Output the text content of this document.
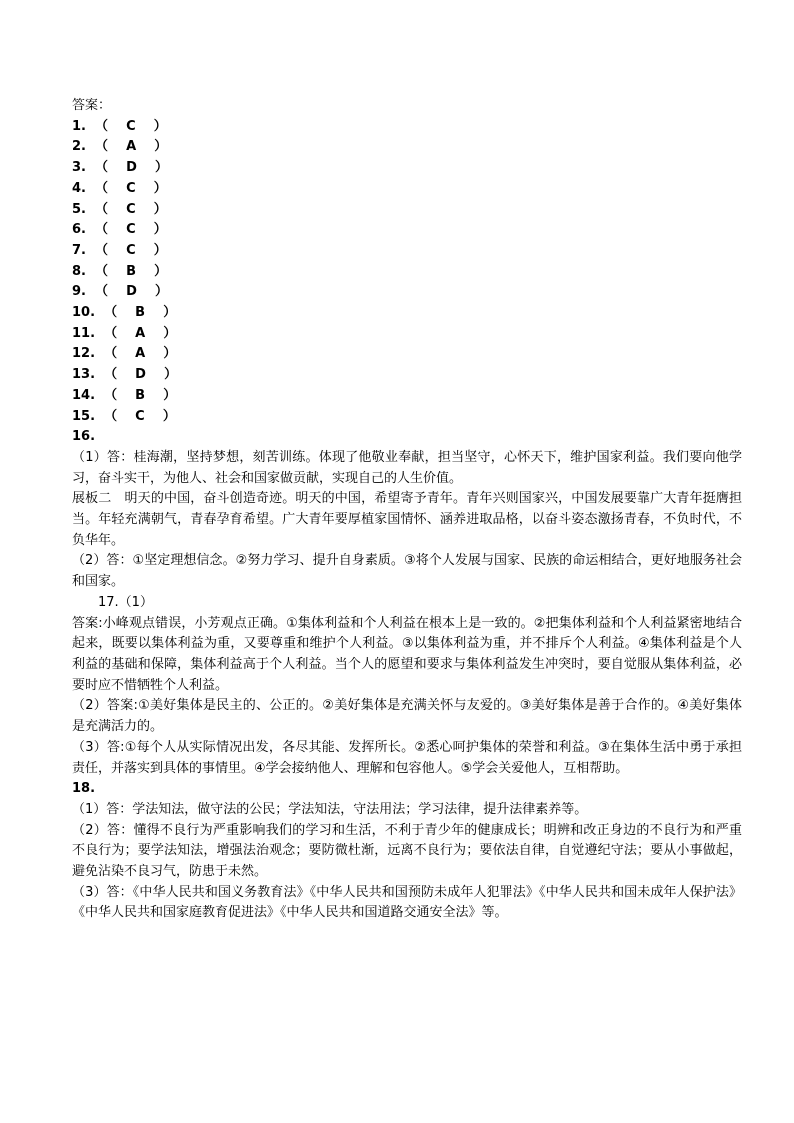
答案：

1.  （    C    ）

2.  （    A    ）

3.  （    D    ）

4.  （    C    ）

5.  （    C    ）

6.  （    C    ）

7.  （    C    ）

8.  （    B    ）

9.  （    D    ）

10.  （    B    ）

11.  （    A    ）

12.  （    A    ）

13.  （    D    ）

14.  （    B    ）

15.  （    C    ）

16.

（1）答：桂海潮，坚持梦想，刻苦训练。体现了他敬业奉献，担当坚守，心怀天下，维护国家利益。我们要向他学习，奋斗实干，为他人、社会和国家做贡献，实现自己的人生价值。

展板二　明天的中国，奋斗创造奇迹。明天的中国，希望寄予青年。青年兴则国家兴，中国发展要靠广大青年挺膺担当。年轻充满朝气，青春孕育希望。广大青年要厚植家国情怀、涵养进取品格，以奋斗姿态激扬青春，不负时代，不负华年。

（2）答：①坚定理想信念。②努力学习、提升自身素质。③将个人发展与国家、民族的命运相结合，更好地服务社会和国家。

17.（1）

答案:小峰观点错误，小芳观点正确。①集体利益和个人利益在根本上是一致的。②把集体利益和个人利益紧密地结合起来，既要以集体利益为重，又要尊重和维护个人利益。③以集体利益为重，并不排斥个人利益。④集体利益是个人利益的基础和保障，集体利益高于个人利益。当个人的愿望和要求与集体利益发生冲突时，要自觉服从集体利益，必要时应不惜牺牲个人利益。

（2）答案:①美好集体是民主的、公正的。②美好集体是充满关怀与友爱的。③美好集体是善于合作的。④美好集体是充满活力的。

（3）答:①每个人从实际情况出发，各尽其能、发挥所长。②悉心呵护集体的荣誉和利益。③在集体生活中勇于承担责任，并落实到具体的事情里。④学会接纳他人、理解和包容他人。⑤学会关爱他人，互相帮助。

18.

（1）答：学法知法，做守法的公民；学法知法，守法用法；学习法律，提升法律素养等。

（2）答：懂得不良行为严重影响我们的学习和生活，不利于青少年的健康成长；明辨和改正身边的不良行为和严重不良行为；要学法知法，增强法治观念；要防微杜渐，远离不良行为；要依法自律，自觉遵纪守法；要从小事做起，避免沾染不良习气，防患于未然。

（3）答：《中华人民共和国义务教育法》《中华人民共和国预防未成年人犯罪法》《中华人民共和国未成年人保护法》《中华人民共和国家庭教育促进法》《中华人民共和国道路交通安全法》等。
